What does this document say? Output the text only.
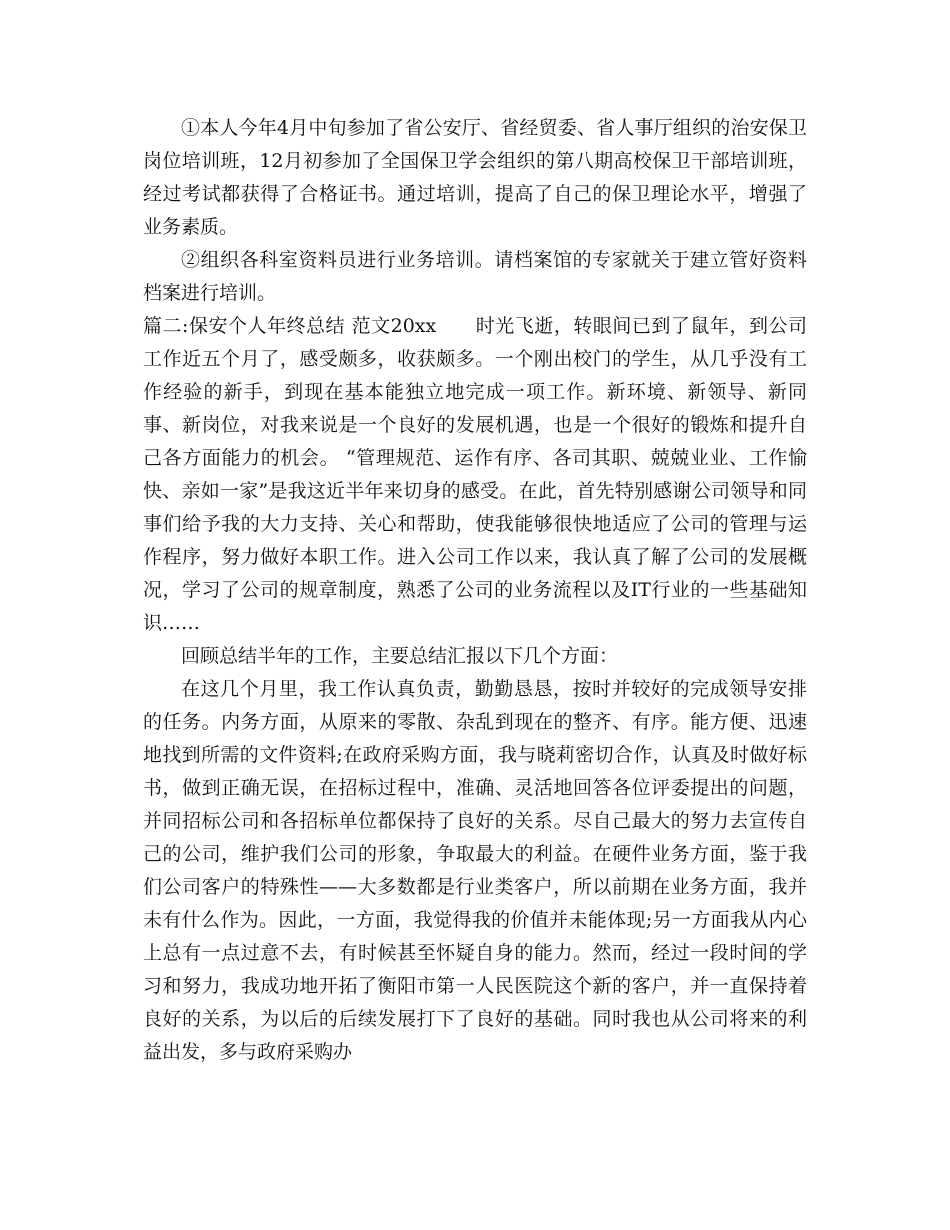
①本人今年4月中旬参加了省公安厅、省经贸委、省人事厅组织的治安保卫岗位培训班，12月初参加了全国保卫学会组织的第八期高校保卫干部培训班，经过考试都获得了合格证书。通过培训，提高了自己的保卫理论水平，增强了业务素质。

②组织各科室资料员进行业务培训。请档案馆的专家就关于建立管好资料档案进行培训。

篇二:保安个人年终总结 范文20xx　　 时光飞逝，转眼间已到了鼠年，到公司工作近五个月了，感受颇多，收获颇多。一个刚出校门的学生，从几乎没有工作经验的新手，到现在基本能独立地完成一项工作。新环境、新领导、新同事、新岗位，对我来说是一个良好的发展机遇，也是一个很好的锻炼和提升自己各方面能力的机会。 “管理规范、运作有序、各司其职、兢兢业业、工作愉快、亲如一家”是我这近半年来切身的感受。在此，首先特别感谢公司领导和同事们给予我的大力支持、关心和帮助，使我能够很快地适应了公司的管理与运作程序，努力做好本职工作。进入公司工作以来，我认真了解了公司的发展概况，学习了公司的规章制度，熟悉了公司的业务流程以及IT行业的一些基础知识……

回顾总结半年的工作，主要总结汇报以下几个方面：

在这几个月里，我工作认真负责，勤勤恳恳，按时并较好的完成领导安排的任务。内务方面，从原来的零散、杂乱到现在的整齐、有序。能方便、迅速地找到所需的文件资料;在政府采购方面，我与晓莉密切合作，认真及时做好标书，做到正确无误，在招标过程中，准确、灵活地回答各位评委提出的问题，并同招标公司和各招标单位都保持了良好的关系。尽自己最大的努力去宣传自己的公司，维护我们公司的形象，争取最大的利益。在硬件业务方面，鉴于我们公司客户的特殊性——大多数都是行业类客户，所以前期在业务方面，我并未有什么作为。因此，一方面，我觉得我的价值并未能体现;另一方面我从内心上总有一点过意不去，有时候甚至怀疑自身的能力。然而，经过一段时间的学习和努力，我成功地开拓了衡阳市第一人民医院这个新的客户，并一直保持着良好的关系，为以后的后续发展打下了良好的基础。同时我也从公司将来的利益出发，多与政府采购办
